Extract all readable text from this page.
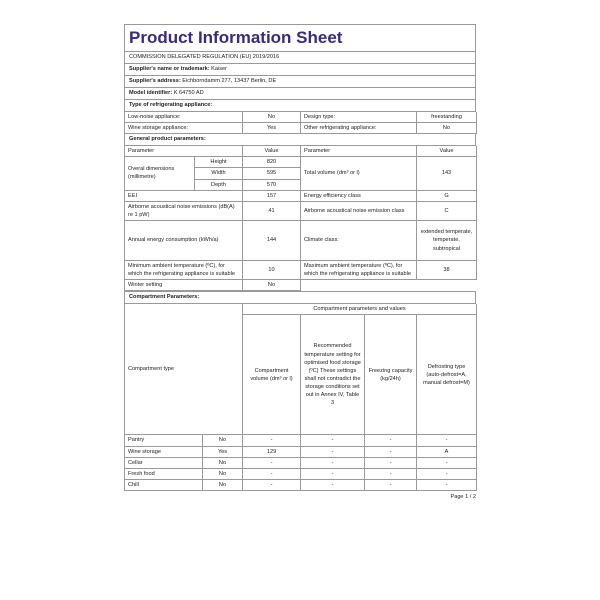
Product Information Sheet
COMMISSION DELEGATED REGULATION (EU) 2019/2016
Supplier's name or trademark: Kaiser
Supplier's address: Eichborndamm 277, 13437 Berlin, DE
Model identifier: K 64750 AD
Type of refrigerating appliance:
Low-noise appliance:	No	Design type:	freestanding
Wine storage appliance:	Yes	Other refrigerating appliance:	No
General product parameters:
Parameter		Value	Parameter	Value
Overal dimensions (millimetre)	Height	820	Total volume (dm³ or l)	143
	Width	595		
	Depth	570		
EEI		157	Energy efficiency class	G
Airborne acoustical noise emissions (dB(A) re 1 pW)		41	Airborne acoustical noise emission class	C
Annual energy consumption (kWh/a)		144	Climate class:	extended temperate, temperate, subtropical
Minimum ambient temperature (ºC), for which the refrigerating appliance is suitable		10	Maximum ambient temperature (ºC), for which the refrigerating appliance is suitable	38
Winter setting		No		
Compartment Parameters:
Compartment type		Compartment parameters and values			
		Compartment volume (dm³ or l)	Recommended temperature setting for optimised food storage (ºC) These settings shall not contradict the storage conditions set out in Annex IV, Table 3	Freezing capacity (kg/24h)	Defrosting type (auto-defrost=A, manual defrost=M)
Pantry	No	-	-	-	-
Wine storage	Yes	129	-	-	A
Cellar	No	-	-	-	-
Fresh food	No	-	-	-	-
Chill	No	-	-	-	-
Page 1 / 2
